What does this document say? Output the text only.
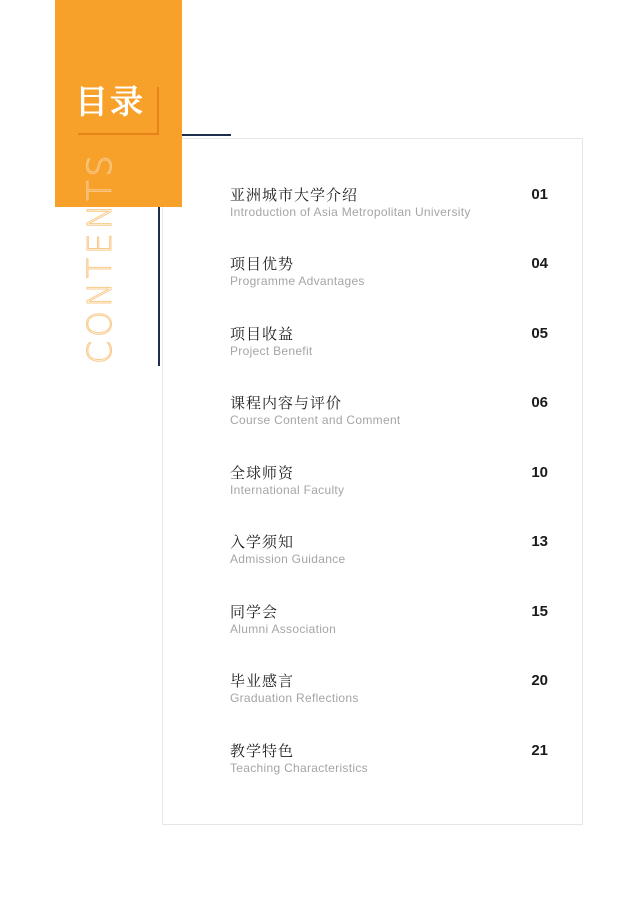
目录
CONTENTS	亚洲城市大学介绍
Introduction of Asia Metropolitan University
01
项目优势
Programme Advantages
04
项目收益
Project Benefit
05
课程内容与评价
Course Content and Comment
06
全球师资
International Faculty
10
入学须知
Admission Guidance
13
同学会
Alumni Association
15
毕业感言
Graduation Reflections
20
教学特色
Teaching Characteristics
21
